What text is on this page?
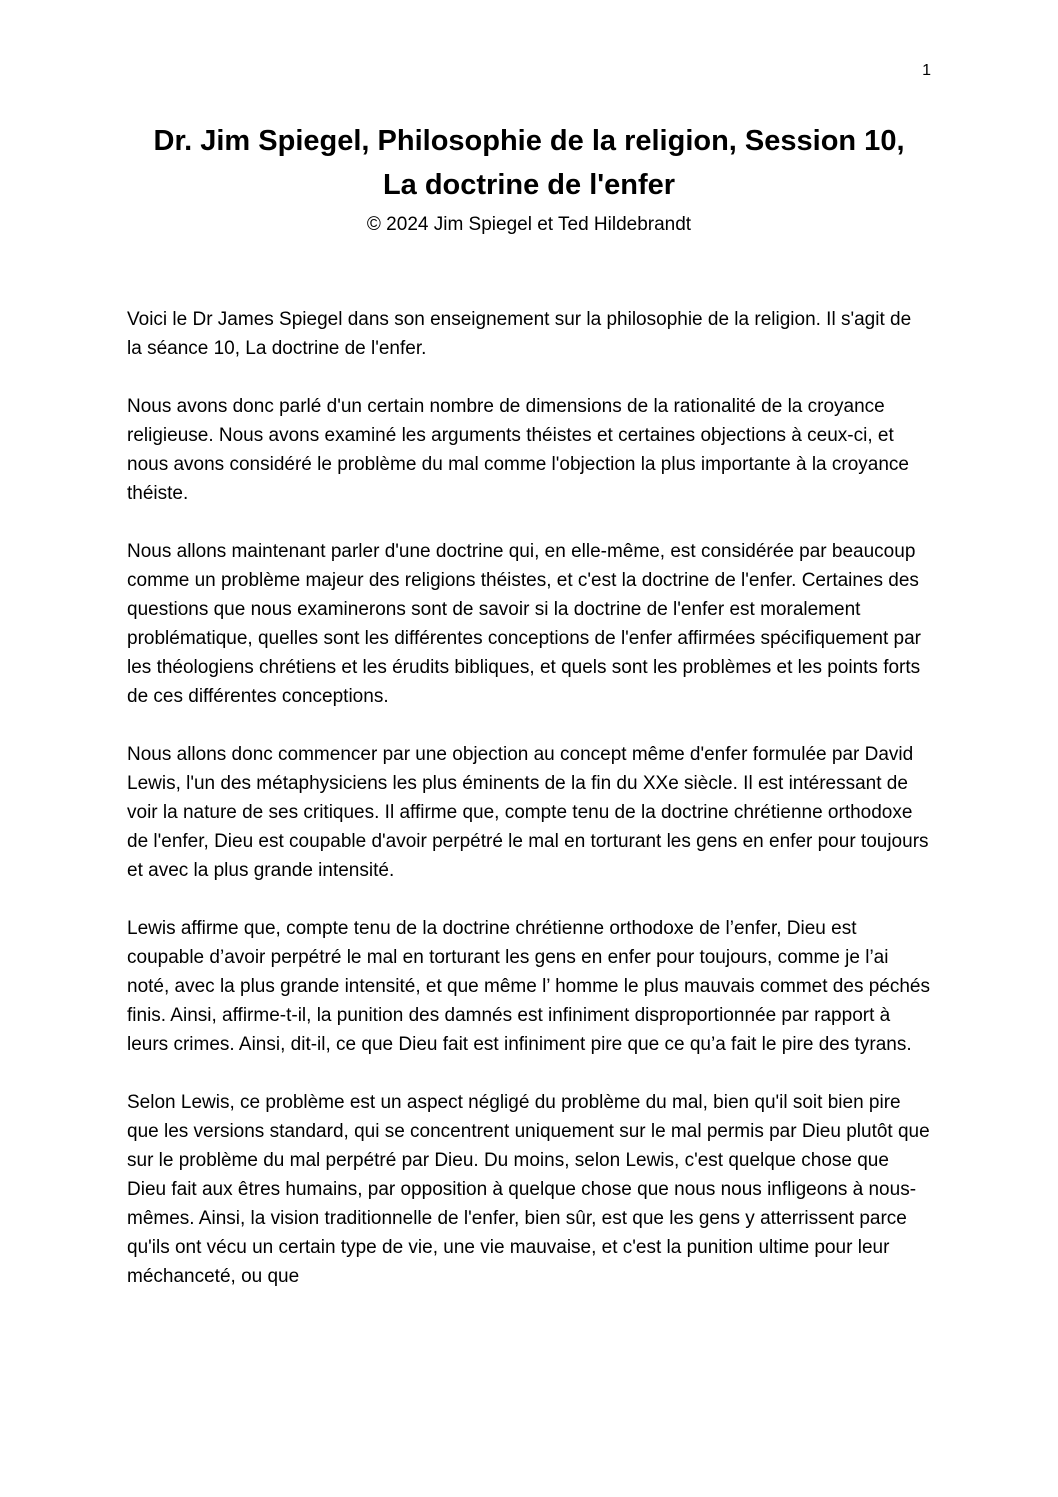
1
Dr. Jim Spiegel, Philosophie de la religion, Session 10,
La doctrine de l'enfer
© 2024 Jim Spiegel et Ted Hildebrandt

Voici le Dr James Spiegel dans son enseignement sur la philosophie de la religion. Il s'agit de la séance 10, La doctrine de l'enfer.

Nous avons donc parlé d'un certain nombre de dimensions de la rationalité de la croyance religieuse. Nous avons examiné les arguments théistes et certaines objections à ceux-ci, et nous avons considéré le problème du mal comme l'objection la plus importante à la croyance théiste.

Nous allons maintenant parler d'une doctrine qui, en elle-même, est considérée par beaucoup comme un problème majeur des religions théistes, et c'est la doctrine de l'enfer. Certaines des questions que nous examinerons sont de savoir si la doctrine de l'enfer est moralement problématique, quelles sont les différentes conceptions de l'enfer affirmées spécifiquement par les théologiens chrétiens et les érudits bibliques, et quels sont les problèmes et les points forts de ces différentes conceptions.

Nous allons donc commencer par une objection au concept même d'enfer formulée par David Lewis, l'un des métaphysiciens les plus éminents de la fin du XXe siècle. Il est intéressant de voir la nature de ses critiques. Il affirme que, compte tenu de la doctrine chrétienne orthodoxe de l'enfer, Dieu est coupable d'avoir perpétré le mal en torturant les gens en enfer pour toujours et avec la plus grande intensité.

Lewis affirme que, compte tenu de la doctrine chrétienne orthodoxe de l’enfer, Dieu est coupable d’avoir perpétré le mal en torturant les gens en enfer pour toujours, comme je l’ai noté, avec la plus grande intensité, et que même l’ homme le plus mauvais commet des péchés finis. Ainsi, affirme-t-il, la punition des damnés est infiniment disproportionnée par rapport à leurs crimes. Ainsi, dit-il, ce que Dieu fait est infiniment pire que ce qu’a fait le pire des tyrans.

Selon Lewis, ce problème est un aspect négligé du problème du mal, bien qu'il soit bien pire que les versions standard, qui se concentrent uniquement sur le mal permis par Dieu plutôt que sur le problème du mal perpétré par Dieu. Du moins, selon Lewis, c'est quelque chose que Dieu fait aux êtres humains, par opposition à quelque chose que nous nous infligeons à nous-mêmes. Ainsi, la vision traditionnelle de l'enfer, bien sûr, est que les gens y atterrissent parce qu'ils ont vécu un certain type de vie, une vie mauvaise, et c'est la punition ultime pour leur méchanceté, ou que
